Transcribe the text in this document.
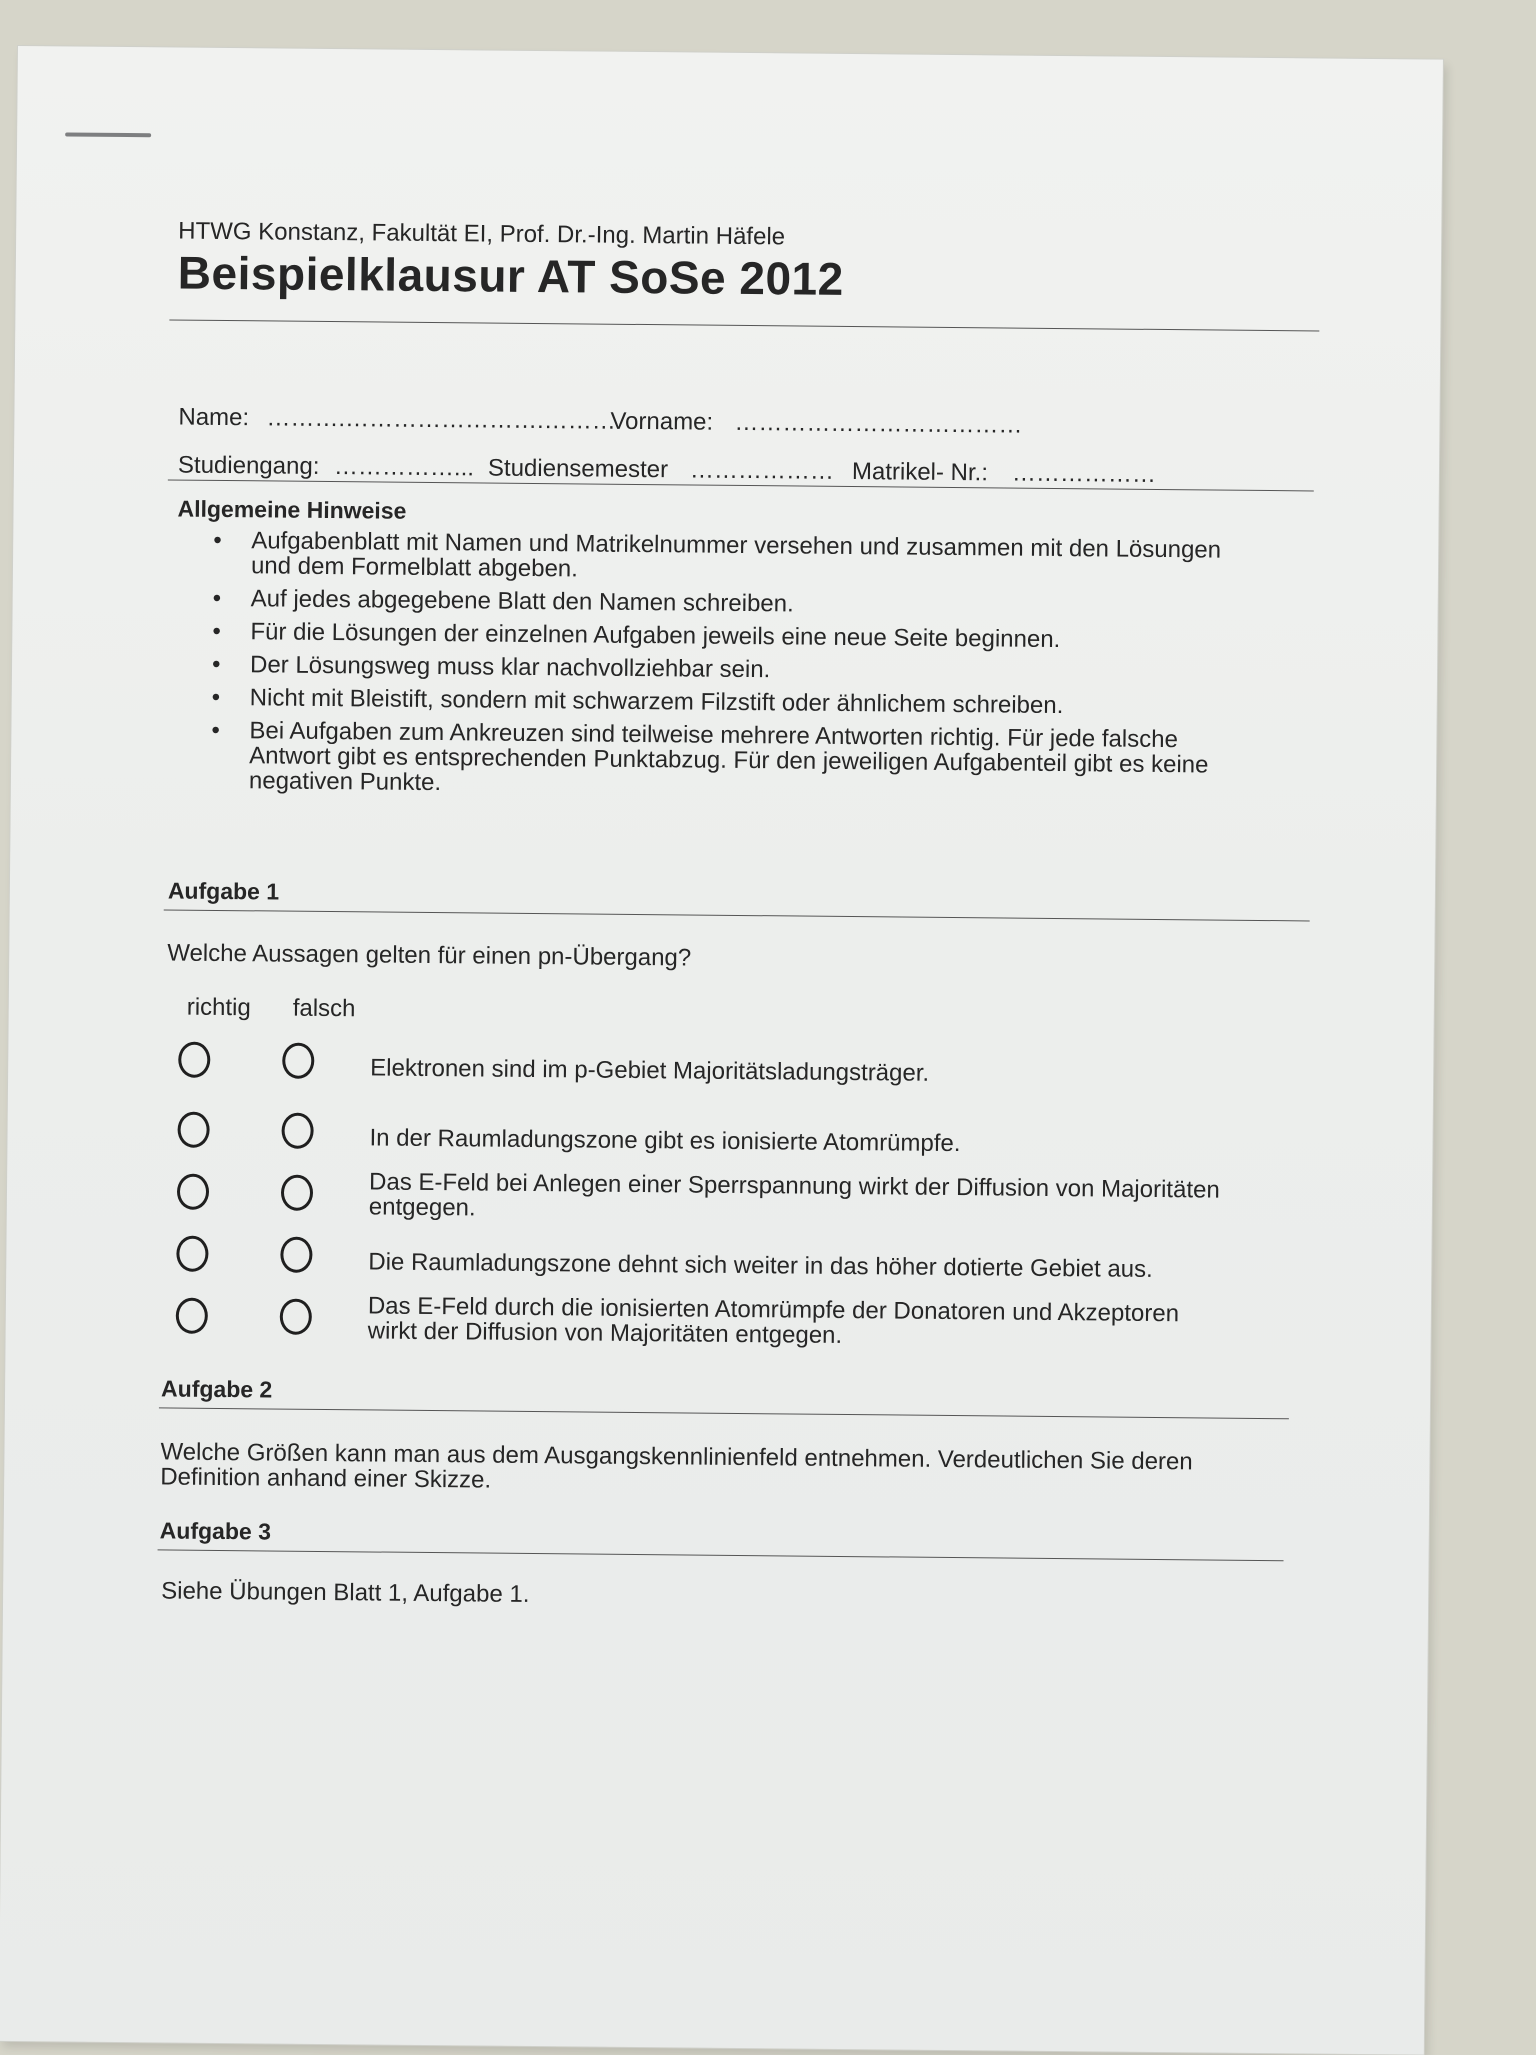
HTWG Konstanz, Fakultät EI, Prof. Dr.-Ing. Martin Häfele
Beispielklausur AT SoSe 2012
Name: ……….…………………….………
Vorname: ………………………………
Studiengang: ……………... Studiensemester ……………… Matrikel- Nr.: ………………
Allgemeine Hinweise
• Aufgabenblatt mit Namen und Matrikelnummer versehen und zusammen mit den Lösungen und dem Formelblatt abgeben.
• Auf jedes abgegebene Blatt den Namen schreiben.
• Für die Lösungen der einzelnen Aufgaben jeweils eine neue Seite beginnen.
• Der Lösungsweg muss klar nachvollziehbar sein.
• Nicht mit Bleistift, sondern mit schwarzem Filzstift oder ähnlichem schreiben.
• Bei Aufgaben zum Ankreuzen sind teilweise mehrere Antworten richtig. Für jede falsche Antwort gibt es entsprechenden Punktabzug. Für den jeweiligen Aufgabenteil gibt es keine negativen Punkte.
Aufgabe 1
Welche Aussagen gelten für einen pn-Übergang?
richtig falsch
Elektronen sind im p-Gebiet Majoritätsladungsträger.
In der Raumladungszone gibt es ionisierte Atomrümpfe.
Das E-Feld bei Anlegen einer Sperrspannung wirkt der Diffusion von Majoritäten entgegen.
Die Raumladungszone dehnt sich weiter in das höher dotierte Gebiet aus.
Das E-Feld durch die ionisierten Atomrümpfe der Donatoren und Akzeptoren wirkt der Diffusion von Majoritäten entgegen.
Aufgabe 2
Welche Größen kann man aus dem Ausgangskennlinienfeld entnehmen. Verdeutlichen Sie deren Definition anhand einer Skizze.
Aufgabe 3
Siehe Übungen Blatt 1, Aufgabe 1.
